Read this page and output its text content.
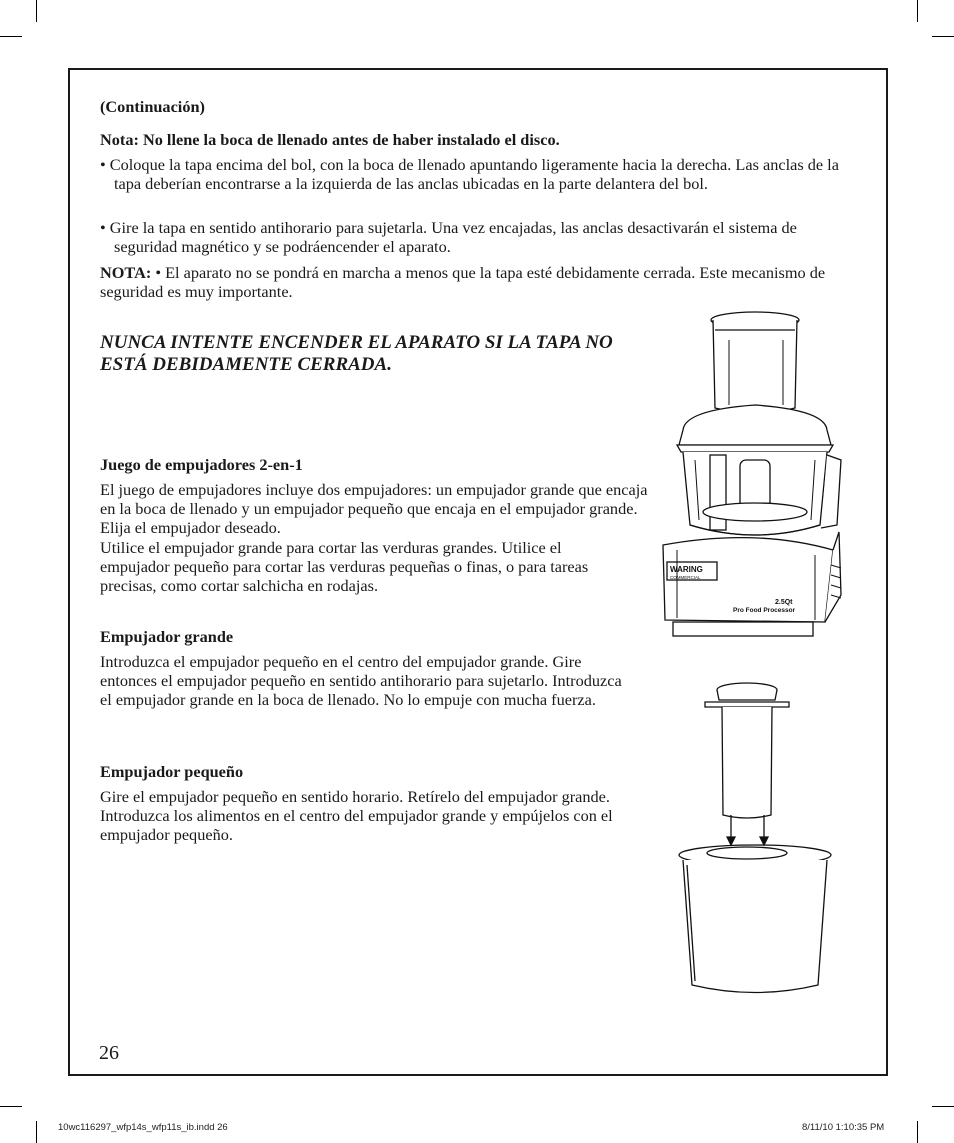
(Continuación)

Nota: No llene la boca de llenado antes de haber instalado el disco.

• Coloque la tapa encima del bol, con la boca de llenado apuntando ligeramente hacia la derecha. Las anclas de la tapa deberían encontrarse a la izquierda de las anclas ubicadas en la parte delantera del bol.

• Gire la tapa en sentido antihorario para sujetarla. Una vez encajadas, las anclas desactivarán el sistema de seguridad magnético y se podráencender el aparato.

NOTA: • El aparato no se pondrá en marcha a menos que la tapa esté debidamente cerrada. Este mecanismo de seguridad es muy importante.

NUNCA INTENTE ENCENDER EL APARATO SI LA TAPA NO ESTÁ DEBIDAMENTE CERRADA.

Juego de empujadores 2-en-1

El juego de empujadores incluye dos empujadores: un empujador grande que encaja en la boca de llenado y un empujador pequeño que encaja en el empujador grande. Elija el empujador deseado.

Utilice el empujador grande para cortar las verduras grandes. Utilice el empujador pequeño para cortar las verduras pequeñas o finas, o para tareas precisas, como cortar salchicha en rodajas.

Empujador grande

Introduzca el empujador pequeño en el centro del empujador grande. Gire entonces el empujador pequeño en sentido antihorario para sujetarlo. Introduzca el empujador grande en la boca de llenado. No lo empuje con mucha fuerza.

Empujador pequeño

Gire el empujador pequeño en sentido horario. Retírelo del empujador grande. Introduzca los alimentos en el centro del empujador grande y empújelos con el empujador pequeño.

26
WARING
COMMERCIAL
2.5Qt
Pro Food Processor
10wc116297_wfp14s_wfp11s_ib.indd 26	8/11/10 1:10:35 PM
